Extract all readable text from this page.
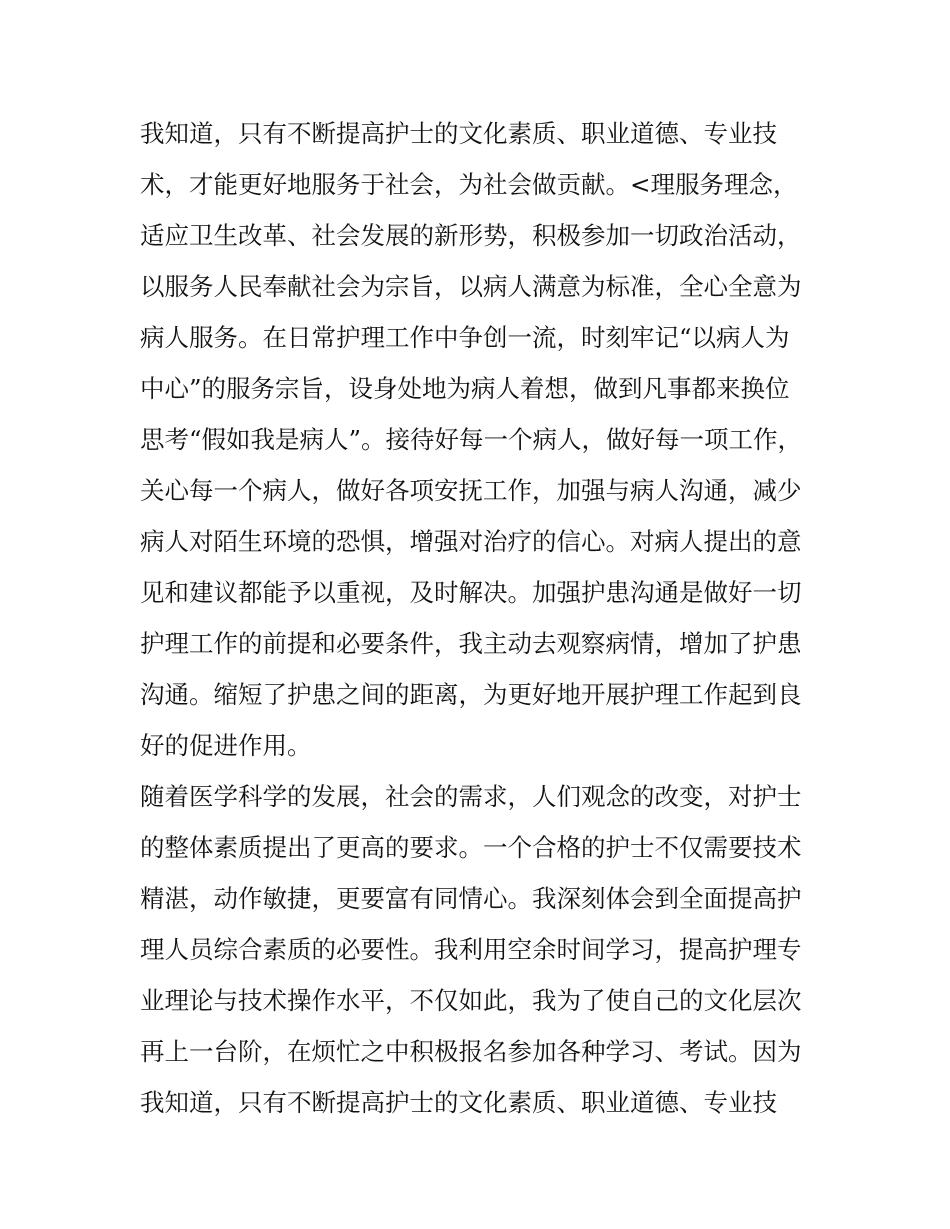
我知道，只有不断提高护士的文化素质、职业道德、专业技
术，才能更好地服务于社会，为社会做贡献。<理服务理念，
适应卫生改革、社会发展的新形势，积极参加一切政治活动，
以服务人民奉献社会为宗旨，以病人满意为标准，全心全意为
病人服务。在日常护理工作中争创一流，时刻牢记“以病人为
中心”的服务宗旨，设身处地为病人着想，做到凡事都来换位
思考“假如我是病人”。接待好每一个病人，做好每一项工作，
关心每一个病人，做好各项安抚工作，加强与病人沟通，减少
病人对陌生环境的恐惧，增强对治疗的信心。对病人提出的意
见和建议都能予以重视，及时解决。加强护患沟通是做好一切
护理工作的前提和必要条件，我主动去观察病情，增加了护患
沟通。缩短了护患之间的距离，为更好地开展护理工作起到良
好的促进作用。
随着医学科学的发展，社会的需求，人们观念的改变，对护士
的整体素质提出了更高的要求。一个合格的护士不仅需要技术
精湛，动作敏捷，更要富有同情心。我深刻体会到全面提高护
理人员综合素质的必要性。我利用空余时间学习，提高护理专
业理论与技术操作水平，不仅如此，我为了使自己的文化层次
再上一台阶，在烦忙之中积极报名参加各种学习、考试。因为
我知道，只有不断提高护士的文化素质、职业道德、专业技
